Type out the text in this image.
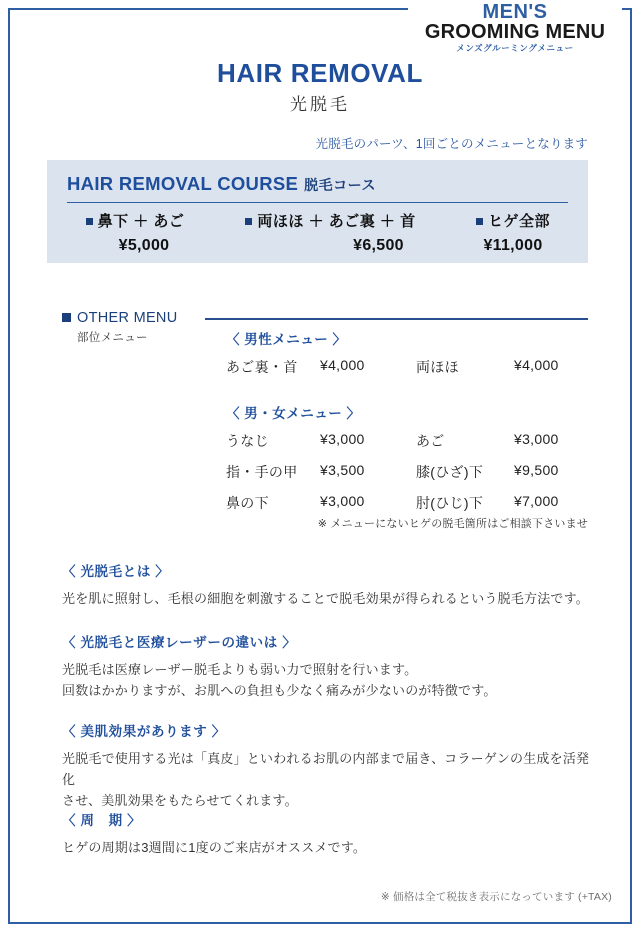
MEN'S
GROOMING MENU
メンズグルーミングメニュー
HAIR REMOVAL
光脱毛
光脱毛のパーツ、1回ごとのメニューとなります
HAIR REMOVAL COURSE 脱毛コース
鼻下 ＋ あご
¥5,000
両ほほ ＋ あご裏 ＋ 首
¥6,500
ヒゲ全部
¥11,000
OTHER MENU
部位メニュー	〈 男性メニュー 〉
あご裏・首	¥4,000	両ほほ	¥4,000
〈 男・女メニュー 〉
うなじ	¥3,000	あご	¥3,000
指・手の甲	¥3,500	膝(ひざ)下	¥9,500
鼻の下	¥3,000	肘(ひじ)下	¥7,000
※ メニューにないヒゲの脱毛箇所はご相談下さいませ
〈 光脱毛とは 〉
光を肌に照射し、毛根の細胞を刺激することで脱毛効果が得られるという脱毛方法です。
〈 光脱毛と医療レーザーの違いは 〉
光脱毛は医療レーザー脱毛よりも弱い力で照射を行います。
回数はかかりますが、お肌への負担も少なく痛みが少ないのが特徴です。
〈 美肌効果があります 〉
光脱毛で使用する光は「真皮」といわれるお肌の内部まで届き、コラーゲンの生成を活発化
させ、美肌効果をもたらせてくれます。
〈 周　期 〉
ヒゲの周期は3週間に1度のご来店がオススメです。
※ 価格は全て税抜き表示になっています (+TAX)
